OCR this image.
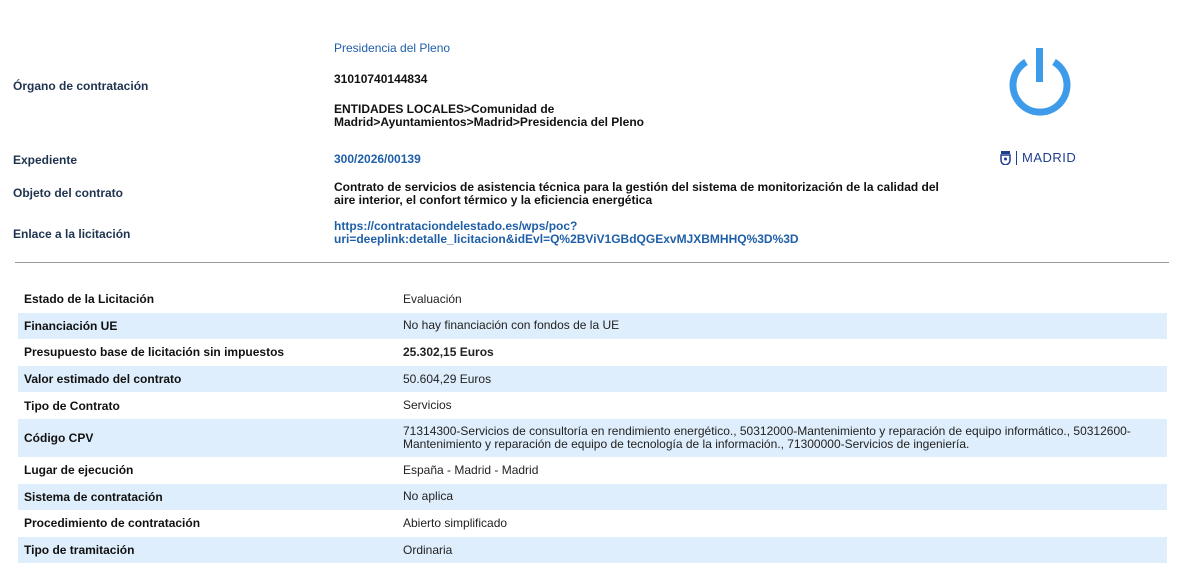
Órgano de contratación
Presidencia del Pleno
31010740144834
ENTIDADES LOCALES>Comunidad de Madrid>Ayuntamientos>Madrid>Presidencia del Pleno
Expediente	300/2026/00139
Objeto del contrato	Contrato de servicios de asistencia técnica para la gestión del sistema de monitorización de la calidad del aire interior, el confort térmico y la eficiencia energética
Enlace a la licitación
https://contrataciondelestado.es/wps/poc?
uri=deeplink:detalle_licitacion&idEvl=Q%2BViV1GBdQGExvMJXBMHHQ%3D%3D
MADRID
Estado de la Licitación	Evaluación
Financiación UE	No hay financiación con fondos de la UE
Presupuesto base de licitación sin impuestos	25.302,15 Euros
Valor estimado del contrato	50.604,29 Euros
Tipo de Contrato	Servicios
Código CPV	71314300-Servicios de consultoría en rendimiento energético., 50312000-Mantenimiento y reparación de equipo informático., 50312600-Mantenimiento y reparación de equipo de tecnología de la información., 71300000-Servicios de ingeniería.
Lugar de ejecución	España - Madrid - Madrid
Sistema de contratación	No aplica
Procedimiento de contratación	Abierto simplificado
Tipo de tramitación	Ordinaria
